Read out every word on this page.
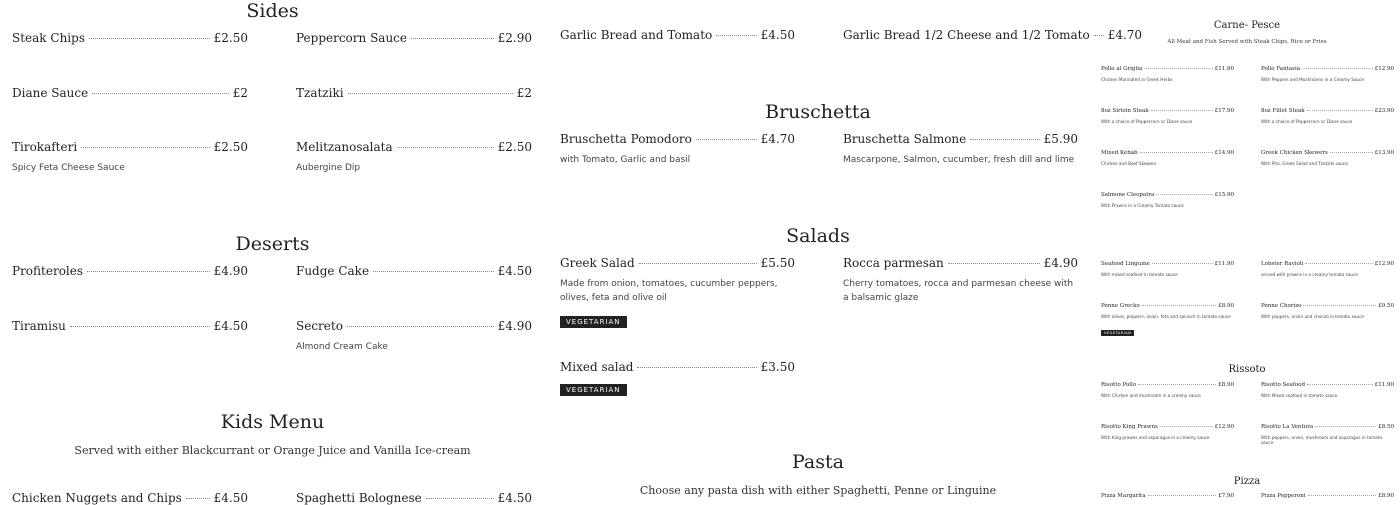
Sides
Steak Chips	£2.50	Peppercorn Sauce	£2.90
Diane Sauce	£2	Tzatziki	£2
Tirokafteri	£2.50
Spicy Feta Cheese Sauce
Melitzanosalata	£2.50
Aubergine Dip
Deserts
Profiteroles	£4.90	Fudge Cake	£4.50
Tiramisu	£4.50	Secreto	£4.90
Almond Cream Cake
Kids Menu
Served with either Blackcurrant or Orange Juice and Vanilla Ice-cream
Chicken Nuggets and Chips	£4.50	Spaghetti Bolognese	£4.50
Garlic Bread and Tomato	£4.50	Garlic Bread 1/2 Cheese and 1/2 Tomato £4.70
Bruschetta
Bruschetta Pomodoro	£4.70
with Tomato, Garlic and basil
Bruschetta Salmone	£5.90
Mascarpone, Salmon, cucumber, fresh dill and lime
Salads
Greek Salad	£5.50
Made from onion, tomatoes, cucumber peppers, olives, feta and olive oil
VEGETARIAN
Rocca parmesan	£4.90
Cherry tomatoes, rocca and parmesan cheese with a balsamic glaze
Mixed salad	£3.50
VEGETARIAN
Pasta
Choose any pasta dish with either Spaghetti, Penne or Linguine
Carne- Pesce
All Meat and Fish Served with Steak Chips, Rice or Fries
Pollo al Griglia	£11.90
Chicken Marinated in Greek Herbs
Pollo Fantasia	£12.90
With Peppers and Mushrooms in a Creamy Sauce
8oz Sirloin Steak	£17.90
With a choice of Peppercorn or Diane sauce
8oz Fillet Steak	£23.90
With a choice of Peppercorn or Diane sauce
Mixed Kebab	£14.90
Chicken and Beef Skewers
Greek Chicken Skewers	£13.90
With Pita, Greek Salad and Tzatziki sauce
Salmone Cleopatra	£15.90
With Prawns in a Creamy Tomato sauce
Seafood Linguine	£11.90
With mixed seafood in tomato sauce
Lobster Ravioli	£12.90
served with prawns in a creamy tomato sauce
Penne Grecko	£8.90
With olives, peppers, onion, feta and spinach in tomato sauce
VEGETARIAN
Penne Chorizo	£9.50
With peppers, onion and chorizo in tomato sauce
Rissoto
Risotto Pollo	£8.90
With Chicken and mushroom in a creamy sauce
Risotto Seafood	£11.90
With Mixed seafood in tomato sauce
Risotto King Prawns	£12.90
With King prawns and asparagus in a creamy sauce
Risotto La Ventura	£8.50
With peppers, onion, mushroom and asparagus in tomato sauce
Pizza
Pizza Margarita	£7.90	Pizza Pepperoni	£8.90
